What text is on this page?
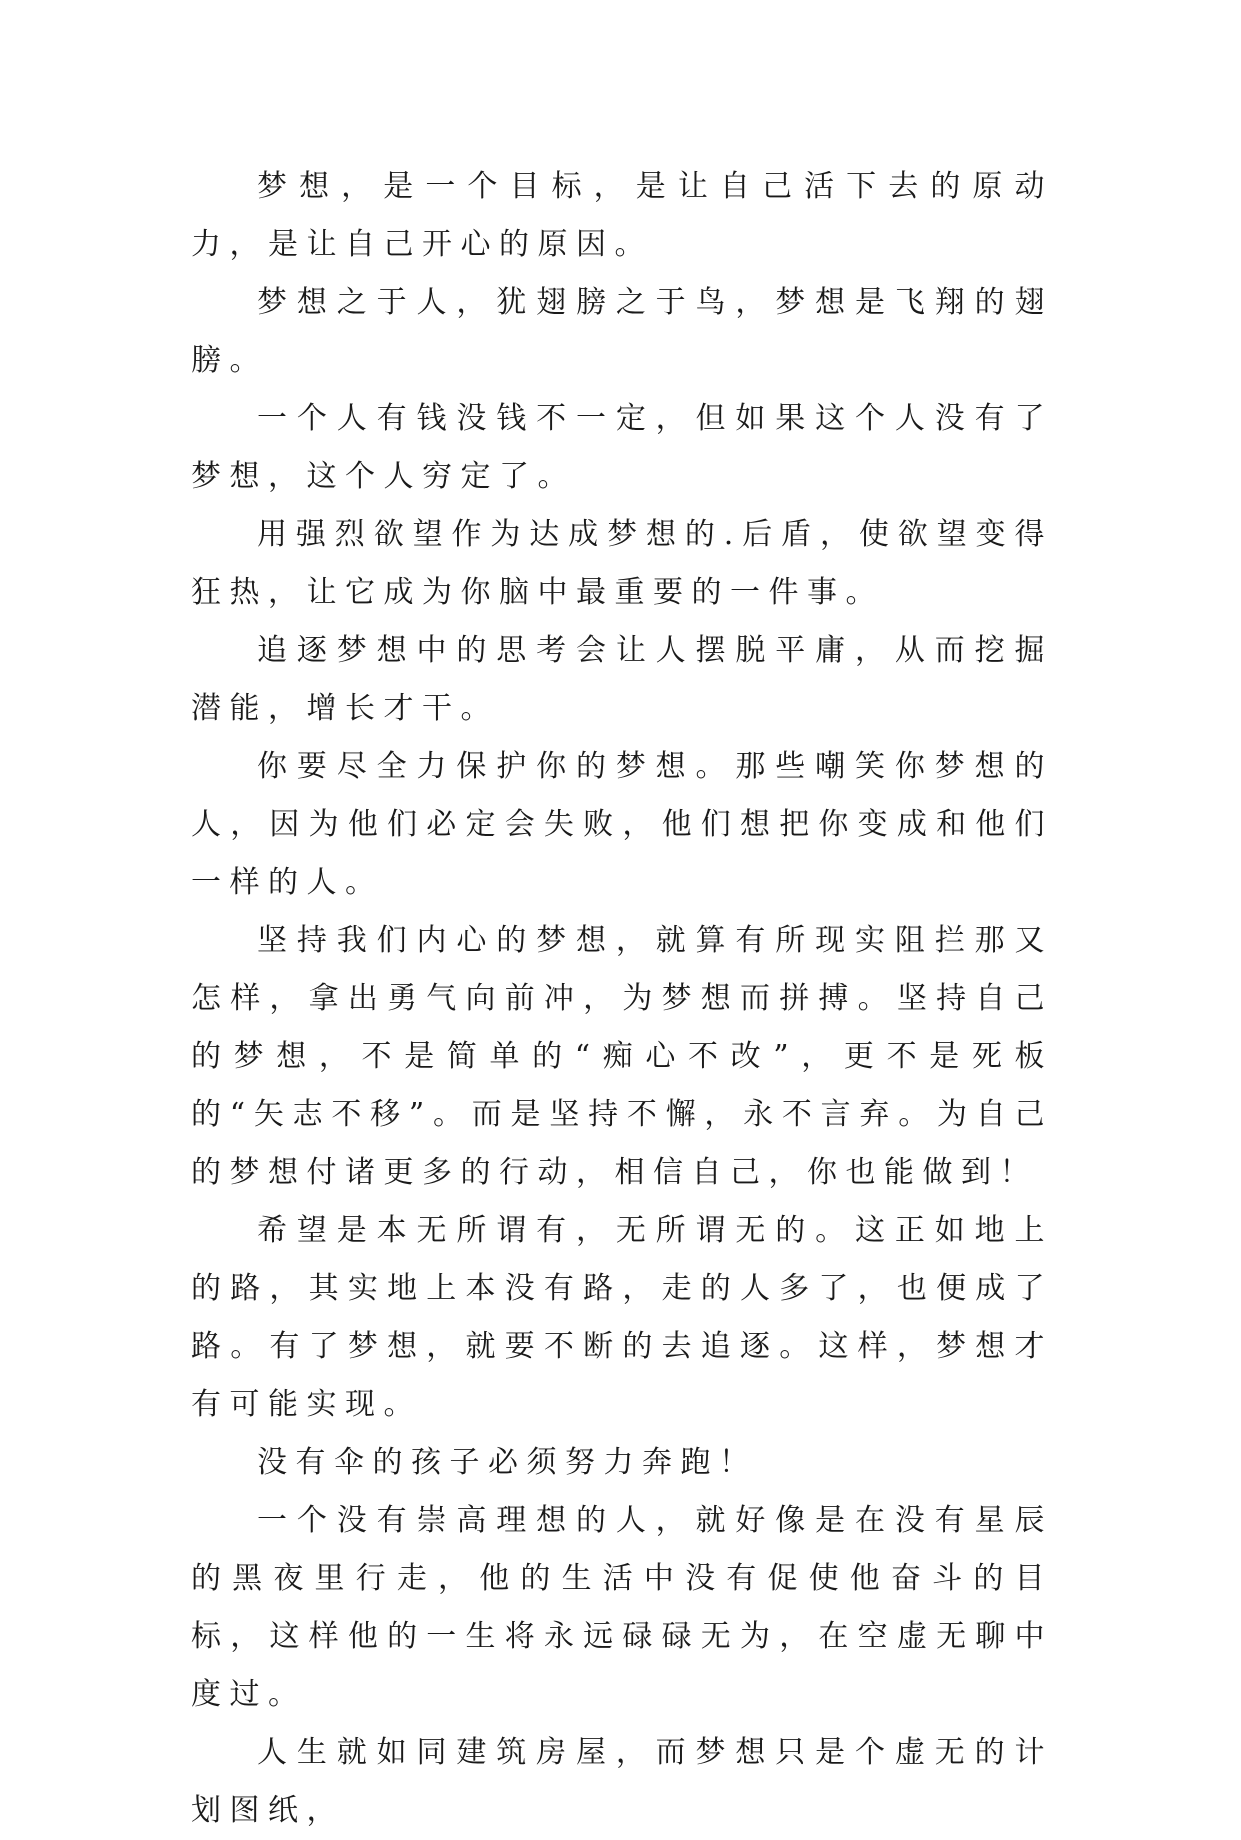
梦想，是一个目标，是让自己活下去的原动力，是让自己开心的原因。

梦想之于人，犹翅膀之于鸟，梦想是飞翔的翅膀。

一个人有钱没钱不一定，但如果这个人没有了梦想，这个人穷定了。

用强烈欲望作为达成梦想的.后盾，使欲望变得狂热，让它成为你脑中最重要的一件事。

追逐梦想中的思考会让人摆脱平庸，从而挖掘潜能，增长才干。

你要尽全力保护你的梦想。那些嘲笑你梦想的人，因为他们必定会失败，他们想把你变成和他们一样的人。

坚持我们内心的梦想，就算有所现实阻拦那又怎样，拿出勇气向前冲，为梦想而拼搏。坚持自己的梦想，不是简单的“痴心不改”，更不是死板的“矢志不移”。而是坚持不懈，永不言弃。为自己的梦想付诸更多的行动，相信自己，你也能做到！

希望是本无所谓有，无所谓无的。这正如地上的路，其实地上本没有路，走的人多了，也便成了路。有了梦想，就要不断的去追逐。这样，梦想才有可能实现。

没有伞的孩子必须努力奔跑！

一个没有崇高理想的人，就好像是在没有星辰的黑夜里行走，他的生活中没有促使他奋斗的目标，这样他的一生将永远碌碌无为，在空虚无聊中度过。

人生就如同建筑房屋，而梦想只是个虚无的计划图纸，
